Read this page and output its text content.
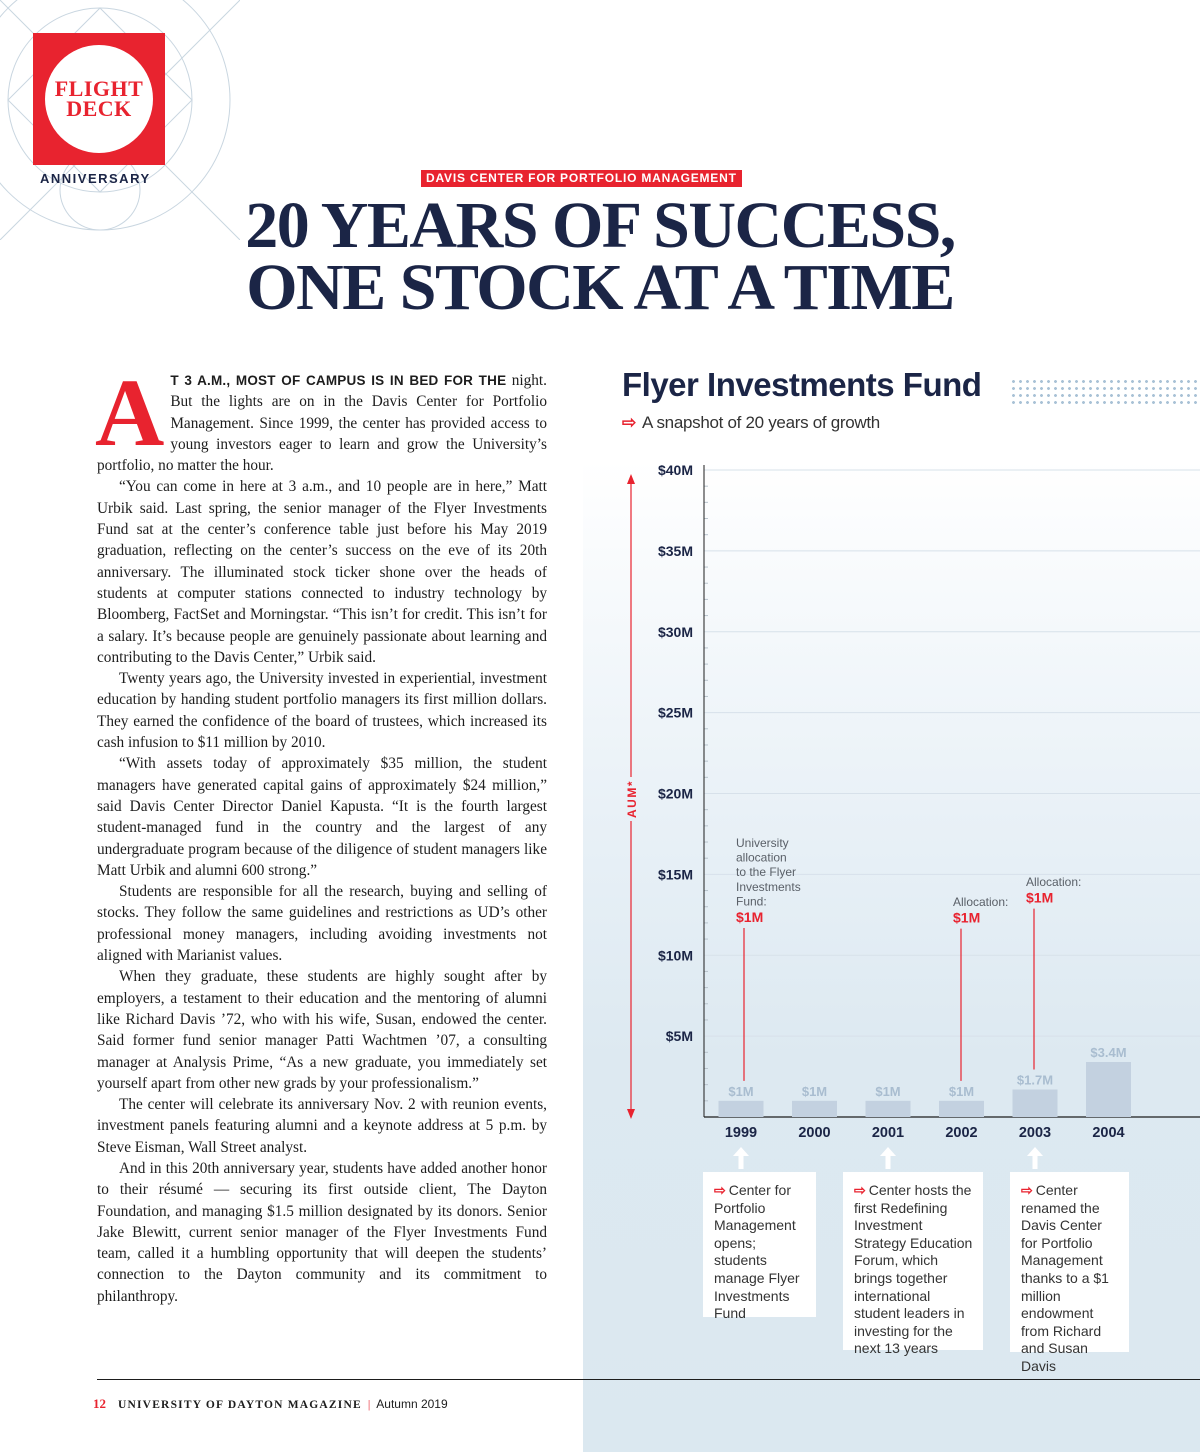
FLIGHT
DECK
ANNIVERSARY	DAVIS CENTER FOR PORTFOLIO MANAGEMENT
20 YEARS OF SUCCESS,
ONE STOCK AT A TIME

A T 3 A.M., MOST OF CAMPUS IS IN BED FOR THE night. But the lights are on in the Davis Center for Portfolio Management. Since 1999, the center has provided access to young investors eager to learn and grow the University’s portfolio, no matter the hour.

“You can come in here at 3 a.m., and 10 people are in here,” Matt Urbik said. Last spring, the senior manager of the Flyer Investments Fund sat at the center’s conference table just before his May 2019 graduation, reflecting on the center’s success on the eve of its 20th anniversary. The illuminated stock ticker shone over the heads of students at computer stations connected to industry technology by Bloomberg, FactSet and Morningstar. “This isn’t for credit. This isn’t for a salary. It’s because people are genuinely passionate about learning and contributing to the Davis Center,” Urbik said.

Twenty years ago, the University invested in experiential, investment education by handing student portfolio managers its first million dollars. They earned the confidence of the board of trustees, which increased its cash infusion to $11 million by 2010.

“With assets today of approximately $35 million, the student managers have generated capital gains of approximately $24 million,” said Davis Center Director Daniel Kapusta. “It is the fourth largest student-managed fund in the country and the largest of any undergraduate program because of the diligence of student managers like Matt Urbik and alumni 600 strong.”

Students are responsible for all the research, buying and selling of stocks. They follow the same guidelines and restrictions as UD’s other professional money managers, including avoiding investments not aligned with Marianist values.

When they graduate, these students are highly sought after by employers, a testament to their education and the mentoring of alumni like Richard Davis ’72, who with his wife, Susan, endowed the center. Said former fund senior manager Patti Wachtmen ’07, a consulting manager at Analysis Prime, “As a new graduate, you immediately set yourself apart from other new grads by your professionalism.”

The center will celebrate its anniversary Nov. 2 with reunion events, investment panels featuring alumni and a keynote address at 5 p.m. by Steve Eisman, Wall Street analyst.

And in this 20th anniversary year, students have added another honor to their résumé — securing its first outside client, The Dayton Foundation, and managing $1.5 million designated by its donors. Senior Jake Blewitt, current senior manager of the Flyer Investments Fund team, called it a humbling opportunity that will deepen the students’ connection to the Dayton community and its commitment to philanthropy.

Flyer Investments Fund
⇨ A snapshot of 20 years of growth
$5M
$10M
$15M
$20M
$25M
$30M
$35M
$40M
AUM*
$1M
1999
$1M
2000
$1M
2001
$1M
2002
$1.7M
2003
$3.4M
2004
University
allocation
to the Flyer
Investments
Fund:
$1M
Allocation:
$1M
Allocation:
$1M
⇨ Center for Portfolio Management opens; students manage Flyer Investments Fund
⇨ Center hosts the first Redefining Investment Strategy Education Forum, which brings together international student leaders in investing for the next 13 years
⇨ Center renamed the Davis Center for Portfolio Management thanks to a $1 million endowment from Richard and Susan Davis
12 UNIVERSITY OF DAYTON MAGAZINE | Autumn 2019
